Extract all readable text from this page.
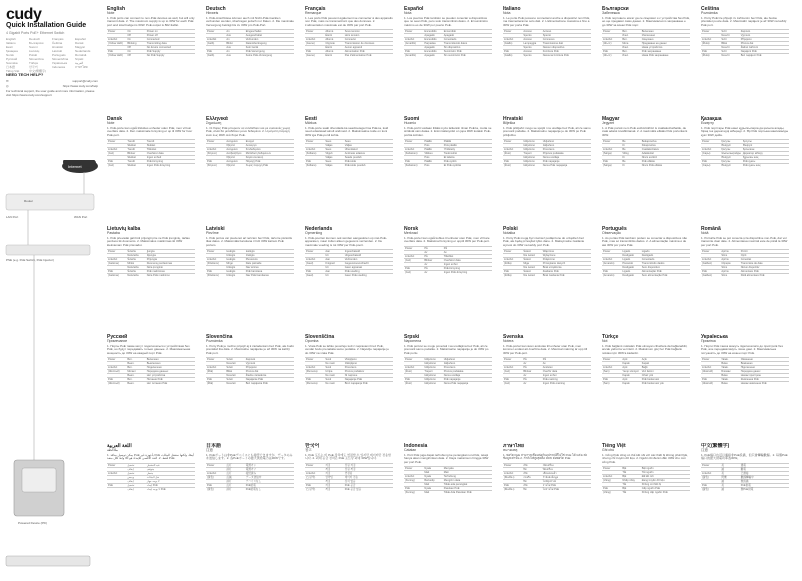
cudy
Quick Installation Guide
4 Gigabit Ports PoE+ Ethernet Switch
English	Deutsch	Français	Español
Italiano	Български	Čeština	Dansk
Eesti	Suomi	Hrvatski	Magyar
Қазақша	Lietuvių	Latviski	Nederlands
Norsk	Polski	Português	Română
Русский	Slovenčina	Slovenščina	Srpski
Svenska	Türkçe	Українська	العربية
日本語	한국어	Indonesia	ภาษาไทย
Tiếng Việt	中文(繁體字)
NEED TECH HELP?
✉	support@cudy.com
◎	https://www.cudy.com/help
For technical support, the user guide and more information, please visit https://www.cudy.com/support
Internet
Router
LAN Port	WAN Port
PSE (e.g. PoE Switch, PoE Injector)
Powered Device (PD)
English
Note
1. PoE ports can connect to non-PoE devices as well, but will only transmit data. 2. The maximum supply is up to 30W for each PoE port and total budget is 60W. PoE output is 802.3af/at.
Power	On	Power on
	Off	Power off
Link/Act	On	Connected
(Yellow LED)	Blinking	Transmitting data
	Off	No device connected
PoE	On	PoE Supply
(Yellow LED)	Off	No PoE Supply
Deutsch
Hinweis
1. PoE-Anschlüsse können auch mit Nicht-PoE-Geräten verbunden werden, übertragen jedoch nur Daten. 2. Die maximale Versorgung beträgt bis zu 30W pro PoE-Port.
Power	An	Eingeschaltet
	Aus	Ausgeschaltet
Link/Akt	An	Verbunden
(Gelb)	Blinkt	Datenübertragung
	Aus	Kein Gerät
PoE	An	PoE-Versorgung
(Gelb)	Aus	Keine PoE-Versorgung
Français
Remarque
1. Les ports PoE peuvent également se connecter à des appareils non PoE, mais ne transmettront que des données. 2. L'alimentation maximale est de 30W par port PoE.
Power	Allumé	Sous tension
	Éteint	Hors tension
Link/Act	Allumé	Connecté
(Jaune)	Clignote	Transmission de données
	Éteint	Aucun appareil
PoE	Allumé	Alimentation PoE
(Jaune)	Éteint	Pas d'alimentation PoE
Español
Nota
1. Los puertos PoE también se pueden conectar a dispositivos que no sean PoE, pero solo transmitirán datos. 2. El suministro máximo es de 30W por puerto PoE.
Power	Encendido	Encendido
	Apagado	Apagado
Link/Act	Encendido	Conectado
(Amarillo)	Parpadea	Transmitiendo datos
	Apagado	Sin dispositivo
PoE	Encendido	Suministro PoE
(Amarillo)	Apagado	Sin suministro PoE
Italiano
Nota
1. Le porte PoE possono connettersi anche a dispositivi non PoE, ma trasmetteranno solo dati. 2. L'alimentazione massima è fino a 30W per porta PoE.
Power	Acceso	Acceso
	Spento	Spento
Link/Act	Acceso	Connesso
(Giallo)	Lampeggia	Trasmissione dati
	Spento	Nessun dispositivo
PoE	Acceso	Fornitura PoE
(Giallo)	Spento	Nessuna fornitura PoE
Български
Забележка
1. PoE портовете могат да се свързват и с устройства без PoE, но ще предават само данни. 2. Максималното захранване е до 30W за всеки PoE порт.
Power	Вкл.	Включено
	Изкл.	Изключено
Link/Act	Вкл.	Свързано
(Жълт)	Мига	Предаване на данни
	Изкл.	Няма устройство
PoE	Вкл.	PoE захранване
(Жълт)	Изкл.	Няма PoE захранване
Čeština
Poznámka
1. Porty PoE lze připojit i k zařízením bez PoE, ale budou přenášet pouze data. 2. Maximální napájení je až 30W na každý PoE port.
Power	Svítí	Zapnuto
	Nesvítí	Vypnuto
Link/Act	Svítí	Připojeno
(Žlutá)	Bliká	Přenos dat
	Nesvítí	Žádné zařízení
PoE	Svítí	Napájení PoE
(Žlutá)	Nesvítí	Bez napájení PoE
Dansk
Note
1. PoE-porte kan også tilsluttes enheder uden PoE, men vil kun overføre data. 2. Den maksimale forsyning er op til 30W for hver PoE-port.
Power	Tændt	Tændt
	Slukket	Slukket
Link/Act	Tændt	Tilsluttet
(Gul)	Blinker	Overfører data
	Slukket	Ingen enhed
PoE	Tændt	PoE-forsyning
(Gul)	Slukket	Ingen PoE-forsyning
Ελληνικά
Σημείωση
1. Οι θύρες PoE μπορούν να συνδεθούν και με συσκευές χωρίς PoE, αλλά θα μεταδίδουν μόνο δεδομένα. 2. Η μέγιστη παροχή είναι έως 30W ανά θύρα PoE.
Power	Αναμμένο	Ενεργό
	Σβηστό	Ανενεργό
Link/Act	Αναμμένο	Συνδεδεμένο
(Κίτρινο)	Αναβοσβήνει	Μετάδοση δεδομένων
	Σβηστό	Καμία συσκευή
PoE	Αναμμένο	Παροχή PoE
(Κίτρινο)	Σβηστό	Χωρίς παροχή PoE
Eesti
Märkus
1. PoE-porte saab ühendada ka seadmetega ilma PoE-ta, kuid need edastavad ainult andmeid. 2. Maksimaalne toide on kuni 30W iga PoE-pordi kohta.
Power	Sees	Sees
	Väljas	Väljas
Link/Act	Sees	Ühendatud
(Kollane)	Vilgub	Andmete edastus
	Väljas	Seade puudub
PoE	Sees	PoE-toide
(Kollane)	Väljas	PoE-toide puudub
Suomi
Huomio
1. PoE-portit voidaan liittää myös laitteisiin ilman PoE:ta, mutta ne siirtävät vain dataa. 2. Enimmäissyöttö on jopa 30W kutakin PoE-porttia kohden.
Power	Päällä	Päällä
	Pois	Pois päältä
Link/Act	Päällä	Yhdistetty
(Keltainen)	Vilkkuu	Tiedonsiirto
	Pois	Ei laitetta
PoE	Päällä	PoE-syöttö
(Keltainen)	Pois	Ei PoE-syöttöä
Hrvatski
Bilješka
1. PoE priključci mogu se spojiti i na uređaje bez PoE, ali će samo prenositi podatke. 2. Maksimalno napajanje je do 30W po PoE priključku.
Power	Uključeno	Uključeno
	Isključeno	Isključeno
Link/Act	Uključeno	Povezano
(Žuto)	Treperi	Prijenos podataka
	Isključeno	Nema uređaja
PoE	Uključeno	PoE napajanje
(Žuto)	Isključeno	Nema PoE napajanja
Magyar
Jegyzet
1. A PoE portok nem PoE eszközökhöz is csatlakoztathatók, de csak adatot továbbítanak. 2. A maximális ellátás PoE portonként 30W.
Power	Be	Bekapcsolva
	Ki	Kikapcsolva
Link/Act	Be	Csatlakoztatva
(Sárga)	Villog	Adatátvitel
	Ki	Nincs eszköz
PoE	Be	PoE ellátás
(Sárga)	Ki	Nincs PoE ellátás
Қазақша
Ескерту
1. PoE порттары PoE емес құрылғыларға да қосыла алады, бірақ тек деректерді жібереді. 2. Әр PoE портына максималды қуат 30W дейін.
Power	Қосулы	Қосулы
	Өшірулі	Өшірулі
Link/Act	Қосулы	Қосылған
(Сары)	Жыпылықтайды	Деректер жіберу
	Өшірулі	Құрылғы жоқ
PoE	Қосулы	PoE қуаты
(Сары)	Өшірулі	PoE қуаты жоқ
Lietuvių kalba
Pastaba
1. PoE prievadai gali būti prijungti prie ne PoE įrenginių, tačiau perduos tik duomenis. 2. Maksimalus maitinimas iki 30W kiekvienam PoE prievadui.
Power	Šviečia	Įjungta
	Nešviečia	Išjungta
Link/Act	Šviečia	Prijungta
(Geltona)	Mirksi	Duomenų perdavimas
	Nešviečia	Nėra įrenginio
PoE	Šviečia	PoE maitinimas
(Geltona)	Nešviečia	Nėra PoE maitinimo
Latviski
Piezīme
1. PoE portus var pievienot arī ierīcēm bez PoE, taču tie pārsūtīs tikai datus. 2. Maksimālā barošana ir līdz 30W katram PoE portam.
Power	Ieslēgts	Ieslēgts
	Izslēgts	Izslēgts
Link/Act	Ieslēgts	Pievienots
(Dzeltens)	Mirgo	Datu pārraide
	Izslēgts	Nav ierīces
PoE	Ieslēgts	PoE barošana
(Dzeltens)	Izslēgts	Nav PoE barošanas
Nederlands
Opmerking
1. PoE-poorten kunnen ook worden aangesloten op niet-PoE-apparaten, maar zullen alleen gegevens verzenden. 2. De maximale voeding is tot 30W per PoE-poort.
Power	Aan	Ingeschakeld
	Uit	Uitgeschakeld
Link/Act	Aan	Verbonden
(Geel)	Knippert	Gegevensoverdracht
	Uit	Geen apparaat
PoE	Aan	PoE-voeding
(Geel)	Uit	Geen PoE-voeding
Norsk
Merknad
1. PoE-porter kan også kobles til enheter uten PoE, men vil bare overføre data. 2. Maksimal forsyning er opptil 30W per PoE-port.
Power	På	På
	Av	Av
Link/Act	På	Tilkoblet
(Gul)	Blinker	Overfører data
	Av	Ingen enhet
PoE	På	PoE-forsyning
(Gul)	Av	Ingen PoE-forsyning
Polski
Notatka
1. Porty PoE mogą być również podłączone do urządzeń bez PoE, ale będą przesyłać tylko dane. 2. Maksymalne zasilanie wynosi do 30W na każdy port PoE.
Power	Świeci	Włączone
	Nie świeci	Wyłączone
Link/Act	Świeci	Połączono
(Żółta)	Miga	Przesyłanie danych
	Nie świeci	Brak urządzenia
PoE	Świeci	Zasilanie PoE
(Żółta)	Nie świeci	Brak zasilania PoE
Português
Observação
1. As portas PoE também podem se conectar a dispositivos não PoE, mas só transmitirão dados. 2. A alimentação máxima é de até 30W por porta PoE.
Power	Ligado	Ligado
	Desligado	Desligado
Link/Act	Ligado	Conectado
(Amarelo)	Piscando	Transmitindo dados
	Desligado	Sem dispositivo
PoE	Ligado	Alimentação PoE
(Amarelo)	Desligado	Sem alimentação PoE
Română
Notă
1. Porturile PoE se pot conecta și la dispozitive non-PoE, dar vor transmite doar date. 2. Alimentarea maximă este de până la 30W per port PoE.
Power	Aprins	Pornit
	Stins	Oprit
Link/Act	Aprins	Conectat
(Galben)	Clipește	Transmisie de date
	Stins	Niciun dispozitiv
PoE	Aprins	Alimentare PoE
(Galben)	Stins	Fără alimentare PoE
Русский
Примечание
1. Порты PoE также могут подключаться к устройствам без PoE, но будут передавать только данные. 2. Максимальная мощность до 30W на каждый порт PoE.
Power	Вкл.	Включено
	Выкл.	Выключено
Link/Act	Вкл.	Подключено
(Жёлтый)	Мигает	Передача данных
	Выкл.	Нет устройства
PoE	Вкл.	Питание PoE
(Жёлтый)	Выкл.	Нет питания PoE
Slovenčina
Poznámka
1. Porty PoE je možné pripojiť aj k zariadeniam bez PoE, ale budú prenášať iba dáta. 2. Maximálne napájanie je až 30W na každý PoE port.
Power	Svieti	Zapnuté
	Nesvieti	Vypnuté
Link/Act	Svieti	Pripojené
(Žltá)	Bliká	Prenos dát
	Nesvieti	Žiadne zariadenie
PoE	Svieti	Napájanie PoE
(Žltá)	Nesvieti	Bez napájania PoE
Slovenščina
Opomba
1. Vrata PoE se lahko povežejo tudi z napravami brez PoE, vendar bodo prenašala samo podatke. 2. Največje napajanje je do 30W na vrata PoE.
Power	Sveti	Vklopljeno
	Ne sveti	Izklopljeno
Link/Act	Sveti	Povezano
(Rumena)	Utripa	Prenos podatkov
	Ne sveti	Ni naprave
PoE	Sveti	Napajanje PoE
(Rumena)	Ne sveti	Brez napajanja PoE
Srpski
Napomena
1. PoE portovi se mogu povezati i sa uređajima bez PoE, ali će prenositi samo podatke. 2. Maksimalno napajanje je do 30W po PoE portu.
Power	Uključeno	Uključeno
	Isključeno	Isključeno
Link/Act	Uključeno	Povezano
(Žuto)	Treperi	Prenos podataka
	Isključeno	Nema uređaja
PoE	Uključeno	PoE napajanje
(Žuto)	Isključeno	Nema PoE napajanja
Svenska
Notera
1. PoE-portar kan även anslutas till enheter utan PoE, men kommer endast att överföra data. 2. Maximal matning är upp till 30W per PoE-port.
Power	På	På
	Av	Av
Link/Act	På	Ansluten
(Gul)	Blinkar	Överför data
	Av	Ingen enhet
PoE	På	PoE-matning
(Gul)	Av	Ingen PoE-matning
Türkçe
Not
1. PoE bağlantı noktaları PoE olmayan cihazlara da bağlanabilir, ancak yalnızca veri iletir. 2. Maksimum güç her PoE bağlantı noktası için 30W'a kadardır.
Power	Açık	Açık
	Kapalı	Kapalı
Link/Act	Açık	Bağlı
(Sarı)	Yanıp sönüyor	Veri iletimi
	Kapalı	Cihaz yok
PoE	Açık	PoE beslemesi
(Sarı)	Kapalı	PoE beslemesi yok
Українська
Примітка
1. Порти PoE також можуть підключатися до пристроїв без PoE, але передаватимуть лише дані. 2. Максимальна потужність до 30W на кожен порт PoE.
Power	Увімк.	Увімкнено
	Вимк.	Вимкнено
Link/Act	Увімк.	Підключено
(Жовтий)	Блимає	Передача даних
	Вимк.	Немає пристрою
PoE	Увімк.	Живлення PoE
(Жовтий)	Вимк.	Немає живлення PoE
اللغة العربية
ملاحظة
1. يمكن توصيل منافذ PoE بأجهزة غير PoE أيضًا، ولكنها ستنقل البيانات فقط. 2. الحد الأقصى للإمداد هو 30 واط لكل منفذ PoE.
Power	تشغيل	قيد التشغيل
	إيقاف	متوقف
Link/Act	تشغيل	متصل
	وميض	نقل البيانات
	إيقاف	لا يوجد جهاز
PoE	تشغيل	إمداد PoE
	إيقاف	لا يوجد إمداد PoE
日本語
注意
1. PoEポートは非PoEデバイスにも接続できますが、データのみを送信します。2. 各PoEポートの最大供給電力は30Wです。
Power	点灯	電源オン
	消灯	電源オフ
Link/Act	点灯	接続済み
(黄色)	点滅	データ送信中
	消灯	デバイスなし
PoE	点灯	PoE給電
(黄色)	消灯	PoE給電なし
한국어
참고
1. PoE 포트는 비 PoE 장치에도 연결할 수 있지만 데이터만 전송합니다. 2. 최대 공급 전력은 PoE 포트당 최대 30W입니다.
Power	켜짐	전원 켜짐
	꺼짐	전원 꺼짐
Link/Act	켜짐	연결됨
(노란색)	깜박임	데이터 전송
	꺼짐	장치 없음
PoE	켜짐	PoE 공급
(노란색)	꺼짐	PoE 공급 없음
Indonesia
Catatan
1. Port PoE juga dapat terhubung ke perangkat non-PoE, tetapi hanya akan mengirimkan data. 2. Daya maksimum hingga 30W per port PoE.
Power	Nyala	Menyala
	Mati	Mati
Link/Act	Nyala	Terhubung
(Kuning)	Berkedip	Mengirim data
	Mati	Tidak ada perangkat
PoE	Nyala	Pasokan PoE
(Kuning)	Mati	Tidak Ada Pasokan PoE
ภาษาไทย
หมายเหตุ
1. พอร์ต PoE สามารถเชื่อมต่อกับอุปกรณ์ที่ไม่ใช่ PoE ได้ แต่จะส่งข้อมูลเท่านั้น 2. กำลังไฟสูงสุดคือ 30W ต่อพอร์ต PoE
Power	เปิด	เปิดเครื่อง
	ปิด	ปิดเครื่อง
Link/Act	เปิด	เชื่อมต่อแล้ว
(สีเหลือง)	กะพริบ	กำลังส่งข้อมูล
	ปิด	ไม่มีอุปกรณ์
PoE	เปิด	จ่ายไฟ PoE
(สีเหลือง)	ปิด	ไม่จ่ายไฟ PoE
Tiếng Việt
Ghi chú
1. Cổng PoE cũng có thể kết nối với các thiết bị không phải PoE, nhưng chỉ truyền dữ liệu. 2. Nguồn tối đa lên đến 30W cho mỗi cổng PoE.
Power	Bật	Bật nguồn
	Tắt	Tắt nguồn
Link/Act	Bật	Đã kết nối
(Vàng)	Nhấp nháy	Đang truyền dữ liệu
	Tắt	Không có thiết bị
PoE	Bật	Cấp nguồn PoE
(Vàng)	Tắt	Không cấp nguồn PoE
中文(繁體字)
注意
1. PoE端口也可以連接非PoE設備，但只會傳輸數據。2. 每個PoE端口的最大供電功率為30W。
Power	亮	通電
	滅	斷電
Link/Act	亮	已連接
(黃色)	閃爍	數據傳輸中
	滅	無設備
PoE	亮	PoE供電
(黃色)	滅	無PoE供電
